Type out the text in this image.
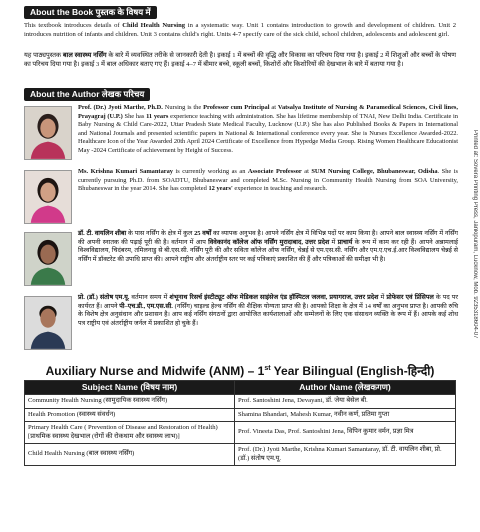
About the Book पुस्तक के विषय में
This textbook introduces details of Child Health Nursing in a systematic way. Unit 1 contains introduction to growth and development of children. Unit 2 introduces nutrition of infants and children. Unit 3 contains child's right. Units 4-7 specify care of the sick child, school children, adolescents and adolescent girl.
यह पाठ्यपुस्तक बाल स्वास्थ्य नर्सिंग के बारे में व्यवस्थित तरीके से जानकारी देती है। इकाई 1 में बच्चों की वृद्धि और विकास का परिचय दिया गया है। इकाई 2 में शिशुओं और बच्चों के पोषण का परिचय दिया गया है। इकाई 3 में बाल अधिकार बताए गए हैं। इकाई 4–7 में बीमार बच्चे, स्कूली बच्चों, किशोरों और किशोरियों की देखभाल के बारे में बताया गया है।
About the Author लेखक परिचय
Prof. (Dr.) Jyoti Marthe, Ph.D. Nursing is the Professor cum Principal at Vatsalya Institute of Nursing & Paramedical Sciences, Civil lines, Prayagraj (U.P.) She has 11 years experience teaching with administration. She has lifetime membership of TNAI, New Delhi India. Certificate in Baby Nursing & Child Care-2022, Uttar Pradesh State Medical Faculty, Lucknow (U.P.) She has also Published Books & Papers in International and National Journals and presented scientific papers in National & International conference every year. She is Nurses Excellence Awarded-2022. Healthcare Icon of the Year Awarded 20th April 2024 Certificate of Excellence from Hypedge Media Group. Rising Women Healthcare Educationist May -2024 Certificate of achievement by Height of Success.
Ms. Krishna Kumari Samantaray is currently working as an Associate Professor at SUM Nursing College, Bhubaneswar, Odisha. She is currently pursuing Ph.D. from SOADTU, Bhubaneswar and completed M.Sc. Nursing in Community Health Nursing from SOA University, Bhubaneswar in the year 2014. She has completed 12 years' experience in teaching and research.
डॉ. टी. वायलिन शीबा के पास नर्सिंग के क्षेत्र में कुल 25 वर्षों का व्यापक अनुभव है। आपने नर्सिंग क्षेत्र में विभिन्न पदों पर काम किया है। आपने बाल स्वास्थ्य नर्सिंग में नर्सिंग की अपनी स्नातक की पढ़ाई पूरी की है। वर्तमान में आप विवेकानंद कॉलेज ऑफ नर्सिंग मुरादाबाद, उत्तर प्रदेश में प्राचार्य के रूप में काम कर रही हैं। आपने अन्नामलाई विश्वविद्यालय, चिदंबरम, तमिलनाडु से बी.एस.सी. नर्सिंग पूरी की और सविता कॉलेज ऑफ नर्सिंग, चेन्नई से एम.एस.सी. नर्सिंग और एम.ए.एच.ई.आर विश्वविद्यालय चेन्नई से नर्सिंग में डॉक्टरेट की उपाधि प्राप्त की। आपने राष्ट्रीय और अंतर्राष्ट्रीय स्तर पर कई पत्रिकाएं प्रकाशित की हैं और पत्रिकाओं की समीक्षा भी है।
प्रो. (डॉ.) संतोष एम.यू. वर्तमान समय में शंभूनाथ रिसर्च इंस्टीट्यूट ऑफ मेडिकल साइंसेज एंड हॉस्पिटल जलवा, प्रयागराज, उत्तर प्रदेश में प्रोफेसर एवं प्रिंसिपल के पद पर कार्यरत हैं। आपने पी–एच.डी., एम.एस.सी. (नर्सिंग) चाइल्ड हेल्थ नर्सिंग की शैक्षिक योग्यता प्राप्त की है। आपको शिक्षा के क्षेत्र में 14 वर्षों का अनुभव प्राप्त है। आपकी रुचि के विशेष क्षेत्र अनुसंधान और प्रशासन है। आप कई नर्सिंग संगठनों द्वारा आयोजित कार्यशालाओं और सम्मेलनों के लिए एक संसाधन व्यक्ति के रूप में हैं। आपके कई शोध पत्र राष्ट्रीय एवं अंतर्राष्ट्रीय जर्नल में प्रकाशित हो चुके हैं।	Printed at: Sovera Printing Press, Jankipuram, Lucknow, Mob. 9235318604-07
Auxiliary Nurse and Midwife (ANM) – 1st Year Bilingual (English-हिन्दी)
Subject Name (विषय नाम)	Author Name (लेखकगण)
Community Health Nursing (सामुदायिक स्वास्थ्य नर्सिंग)	Prof. Santoshini Jena, Devayani, डॉ. जेया बेसेल बी.
Health Promotion (स्वास्थ्य संवर्धन)	Shamina Bhandari, Mahesh Kumar, नवीन कर्ण, प्रतिमा गुप्ता
Primary Health Care ( Prevention of Disease and Restoration of Health) [प्राथमिक स्वास्थ्य देखभाल (रोगों की रोकथाम और स्वास्थ्य लाभ)]	Prof. Vineeta Das, Prof. Santoshini Jena, विपिन कुमार वर्मन, प्रज्ञा मित्र
Child Health Nursing (बाल स्वास्थ्य नर्सिंग)	Prof. (Dr.) Jyoti Marthe, Krishna Kumari Samantaray, डॉ. टी. वायलिन शीबा, प्रो.(डॉ.) संतोष एम.यू.
